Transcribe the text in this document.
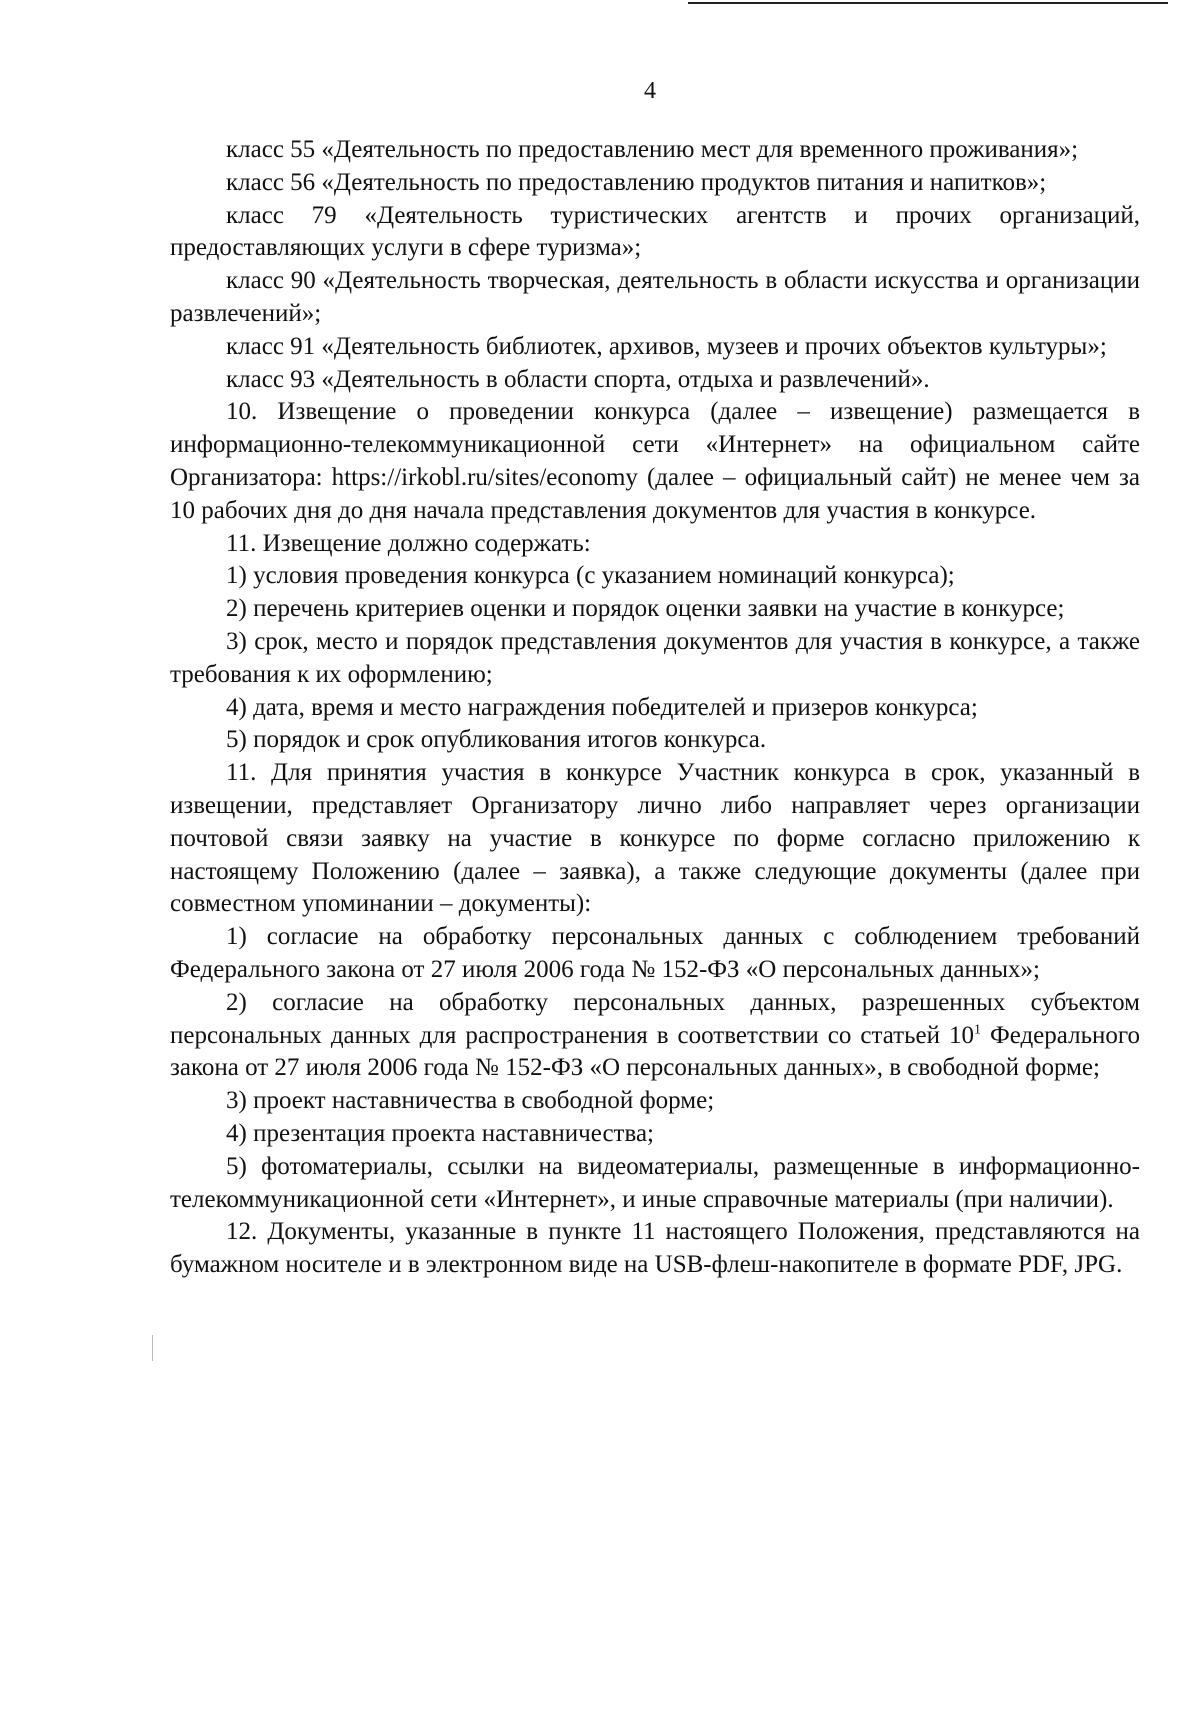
4

класс 55 «Деятельность по предоставлению мест для временного проживания»;

класс 56 «Деятельность по предоставлению продуктов питания и напитков»;

класс 79 «Деятельность туристических агентств и прочих организаций, предоставляющих услуги в сфере туризма»;

класс 90 «Деятельность творческая, деятельность в области искусства и организации развлечений»;

класс 91 «Деятельность библиотек, архивов, музеев и прочих объектов культуры»;

класс 93 «Деятельность в области спорта, отдыха и развлечений».

10. Извещение о проведении конкурса (далее – извещение) размещается в информационно-телекоммуникационной сети «Интернет» на официальном сайте Организатора: https://irkobl.ru/sites/economy (далее – официальный сайт) не менее чем за 10 рабочих дня до дня начала представления документов для участия в конкурсе.

11. Извещение должно содержать:

1) условия проведения конкурса (с указанием номинаций конкурса);

2) перечень критериев оценки и порядок оценки заявки на участие в конкурсе;

3) срок, место и порядок представления документов для участия в конкурсе, а также требования к их оформлению;

4) дата, время и место награждения победителей и призеров конкурса;

5) порядок и срок опубликования итогов конкурса.

11. Для принятия участия в конкурсе Участник конкурса в срок, указанный в извещении, представляет Организатору лично либо направляет через организации почтовой связи заявку на участие в конкурсе по форме согласно приложению к настоящему Положению (далее – заявка), а также следующие документы (далее при совместном упоминании – документы):

1) согласие на обработку персональных данных с соблюдением требований Федерального закона от 27 июля 2006 года № 152-ФЗ «О персональных данных»;

2) согласие на обработку персональных данных, разрешенных субъектом персональных данных для распространения в соответствии со статьей $10^1$ Федерального закона от 27 июля 2006 года № 152-ФЗ «О персональных данных», в свободной форме;

3) проект наставничества в свободной форме;

4) презентация проекта наставничества;

5) фотоматериалы, ссылки на видеоматериалы, размещенные в информационно-телекоммуникационной сети «Интернет», и иные справочные материалы (при наличии).

12. Документы, указанные в пункте 11 настоящего Положения, представляются на бумажном носителе и в электронном виде на USB-флеш-накопителе в формате PDF, JPG.
